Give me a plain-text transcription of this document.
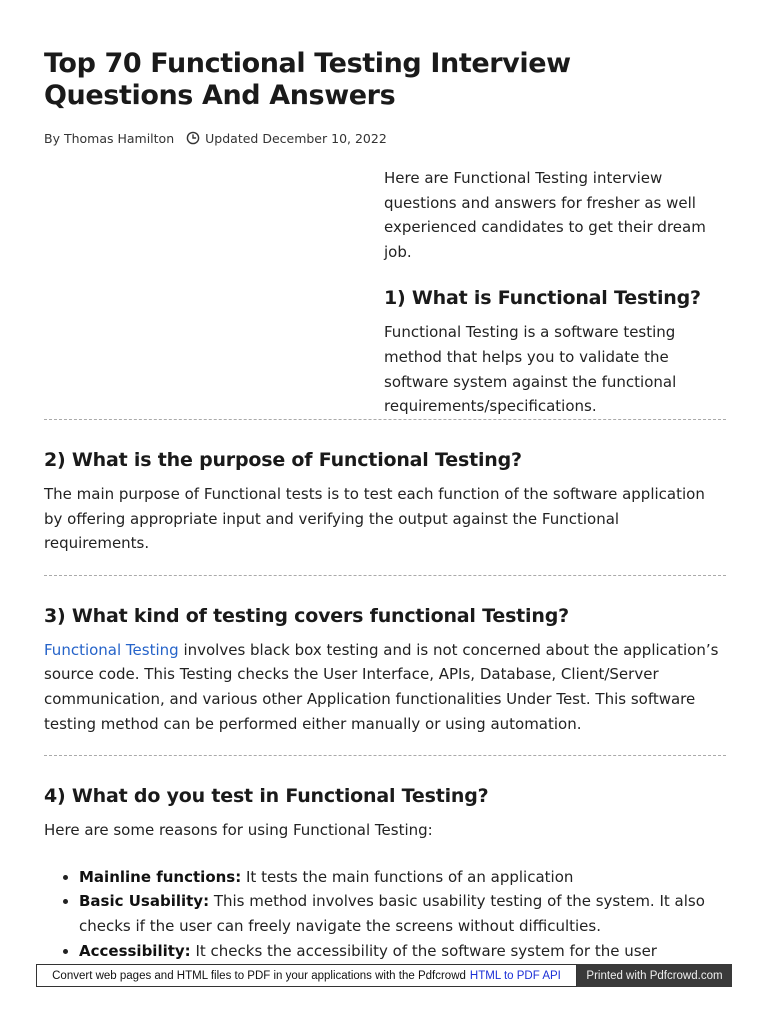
Top 70 Functional Testing Interview Questions And Answers
By Thomas Hamilton Updated December 10, 2022

Here are Functional Testing interview questions and answers for fresher as well experienced candidates to get their dream job.

1) What is Functional Testing?

Functional Testing is a software testing method that helps you to validate the software system against the functional requirements/specifications.

2) What is the purpose of Functional Testing?

The main purpose of Functional tests is to test each function of the software application by offering appropriate input and verifying the output against the Functional requirements.

3) What kind of testing covers functional Testing?

Functional Testing involves black box testing and is not concerned about the application’s source code. This Testing checks the User Interface, APIs, Database, Client/Server communication, and various other Application functionalities Under Test. This software testing method can be performed either manually or using automation.

4) What do you test in Functional Testing?

Here are some reasons for using Functional Testing:

• Mainline functions: It tests the main functions of an application
• Basic Usability: This method involves basic usability testing of the system. It also checks if the user can freely navigate the screens without difficulties.
• Accessibility: It checks the accessibility of the software system for the user
Convert web pages and HTML files to PDF in your applications with the Pdfcrowd HTML to PDF API Printed with Pdfcrowd.com
